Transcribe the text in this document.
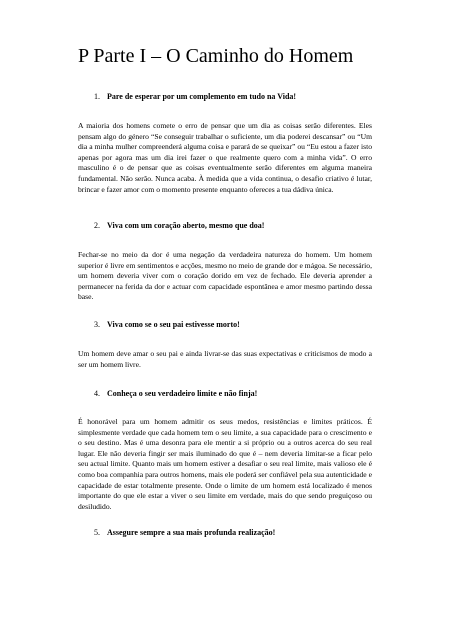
P Parte I – O Caminho do Homem
1. Pare de esperar por um complemento em tudo na Vida!

A maioria dos homens comete o erro de pensar que um dia as coisas serão diferentes. Eles pensam algo do género “Se conseguir trabalhar o suficiente, um dia poderei descansar” ou “Um dia a minha mulher compreenderá alguma coisa e parará de se queixar” ou “Eu estou a fazer isto apenas por agora mas um dia irei fazer o que realmente quero com a minha vida”. O erro masculino é o de pensar que as coisas eventualmente serão diferentes em alguma maneira fundamental. Não serão. Nunca acaba. À medida que a vida continua, o desafio criativo é lutar, brincar e fazer amor com o momento presente enquanto ofereces a tua dádiva única.

2. Viva com um coração aberto, mesmo que doa!

Fechar-se no meio da dor é uma negação da verdadeira natureza do homem. Um homem superior é livre em sentimentos e acções, mesmo no meio de grande dor e mágoa. Se necessário, um homem deveria viver com o coração dorido em vez de fechado. Ele deveria aprender a permanecer na ferida da dor e actuar com capacidade espontânea e amor mesmo partindo dessa base.

3. Viva como se o seu pai estivesse morto!

Um homem deve amar o seu pai e ainda livrar-se das suas expectativas e criticismos de modo a ser um homem livre.

4. Conheça o seu verdadeiro limite e não finja!

É honorável para um homem admitir os seus medos, resistências e limites práticos. É simplesmente verdade que cada homem tem o seu limite, a sua capacidade para o crescimento e o seu destino. Mas é uma desonra para ele mentir a si próprio ou a outros acerca do seu real lugar. Ele não deveria fingir ser mais iluminado do que é – nem deveria limitar-se a ficar pelo seu actual limite. Quanto mais um homem estiver a desafiar o seu real limite, mais valioso ele é como boa companhia para outros homens, mais ele poderá ser confiável pela sua autenticidade e capacidade de estar totalmente presente. Onde o limite de um homem está localizado é menos importante do que ele estar a viver o seu limite em verdade, mais do que sendo preguiçoso ou desiludido.

5. Assegure sempre a sua mais profunda realização!
